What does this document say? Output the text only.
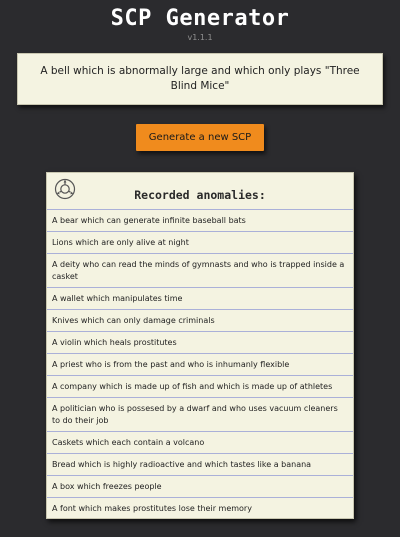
SCP Generator
v1.1.1
A bell which is abnormally large and which only plays "Three Blind Mice"
Generate a new SCP
Recorded anomalies:
A bear which can generate infinite baseball bats
Lions which are only alive at night
A deity who can read the minds of gymnasts and who is trapped inside a casket
A wallet which manipulates time
Knives which can only damage criminals
A violin which heals prostitutes
A priest who is from the past and who is inhumanly flexible
A company which is made up of fish and which is made up of athletes
A politician who is possesed by a dwarf and who uses vacuum cleaners to do their job
Caskets which each contain a volcano
Bread which is highly radioactive and which tastes like a banana
A box which freezes people
A font which makes prostitutes lose their memory
